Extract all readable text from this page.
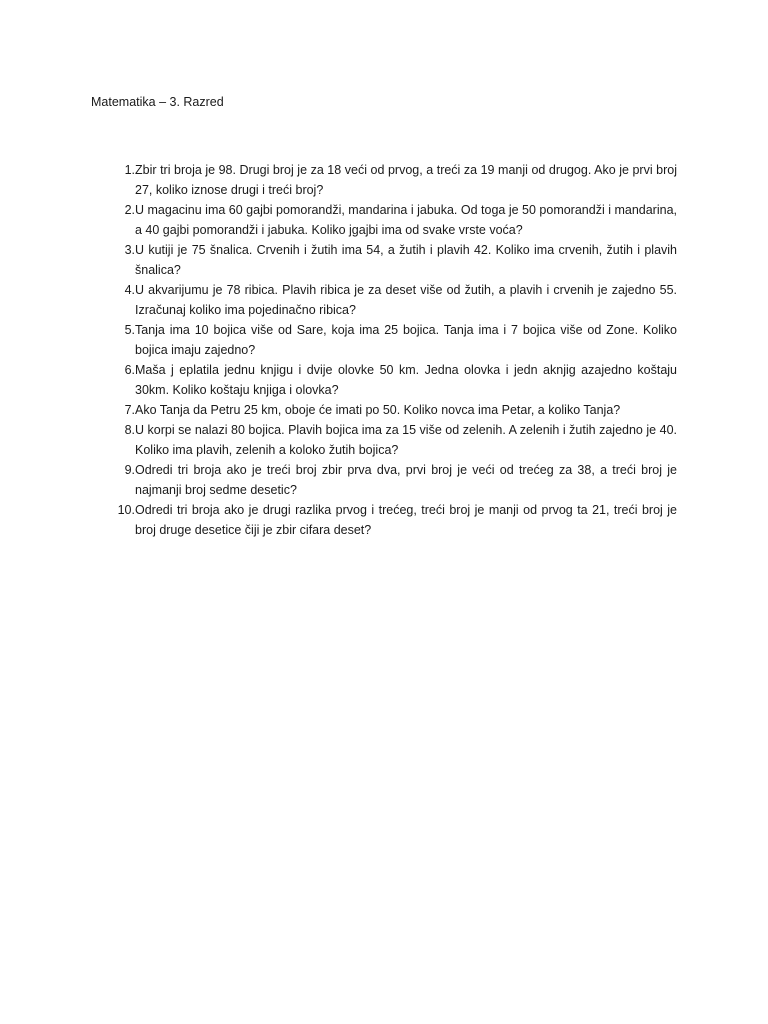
Matematika – 3. Razred
1. Zbir tri broja je 98. Drugi broj je za 18 veći od prvog, a treći za 19 manji od drugog. Ako je prvi broj 27, koliko iznose drugi i treći broj?
2. U magacinu ima 60 gajbi pomorandži, mandarina i jabuka. Od toga je 50 pomorandži i mandarina, a 40 gajbi pomorandži i jabuka. Koliko jgajbi ima od svake vrste voća?
3. U kutiji je 75 šnalica. Crvenih i žutih ima 54, a žutih i plavih 42. Koliko ima crvenih, žutih i plavih šnalica?
4. U akvarijumu je 78 ribica. Plavih ribica je za deset više od žutih, a plavih i crvenih je zajedno 55. Izračunaj koliko ima pojedinačno ribica?
5. Tanja ima 10 bojica više od Sare, koja ima 25 bojica. Tanja ima i 7 bojica više od Zone. Koliko bojica imaju zajedno?
6. Maša j eplatila jednu knjigu i dvije olovke 50 km. Jedna olovka i jedn aknjig azajedno koštaju 30km. Koliko koštaju knjiga i olovka?
7. Ako Tanja da Petru 25 km, oboje će imati po 50. Koliko novca ima Petar, a koliko Tanja?
8. U korpi se nalazi 80 bojica. Plavih bojica ima za 15 više od zelenih. A zelenih i žutih zajedno je 40. Koliko ima plavih, zelenih a koloko žutih bojica?
9. Odredi tri broja ako je treći broj zbir prva dva, prvi broj je veći od trećeg za 38, a treći broj je najmanji broj sedme desetic?
10. Odredi tri broja ako je drugi razlika prvog i trećeg, treći broj je manji od prvog ta 21, treći broj je broj druge desetice čiji je zbir cifara deset?
